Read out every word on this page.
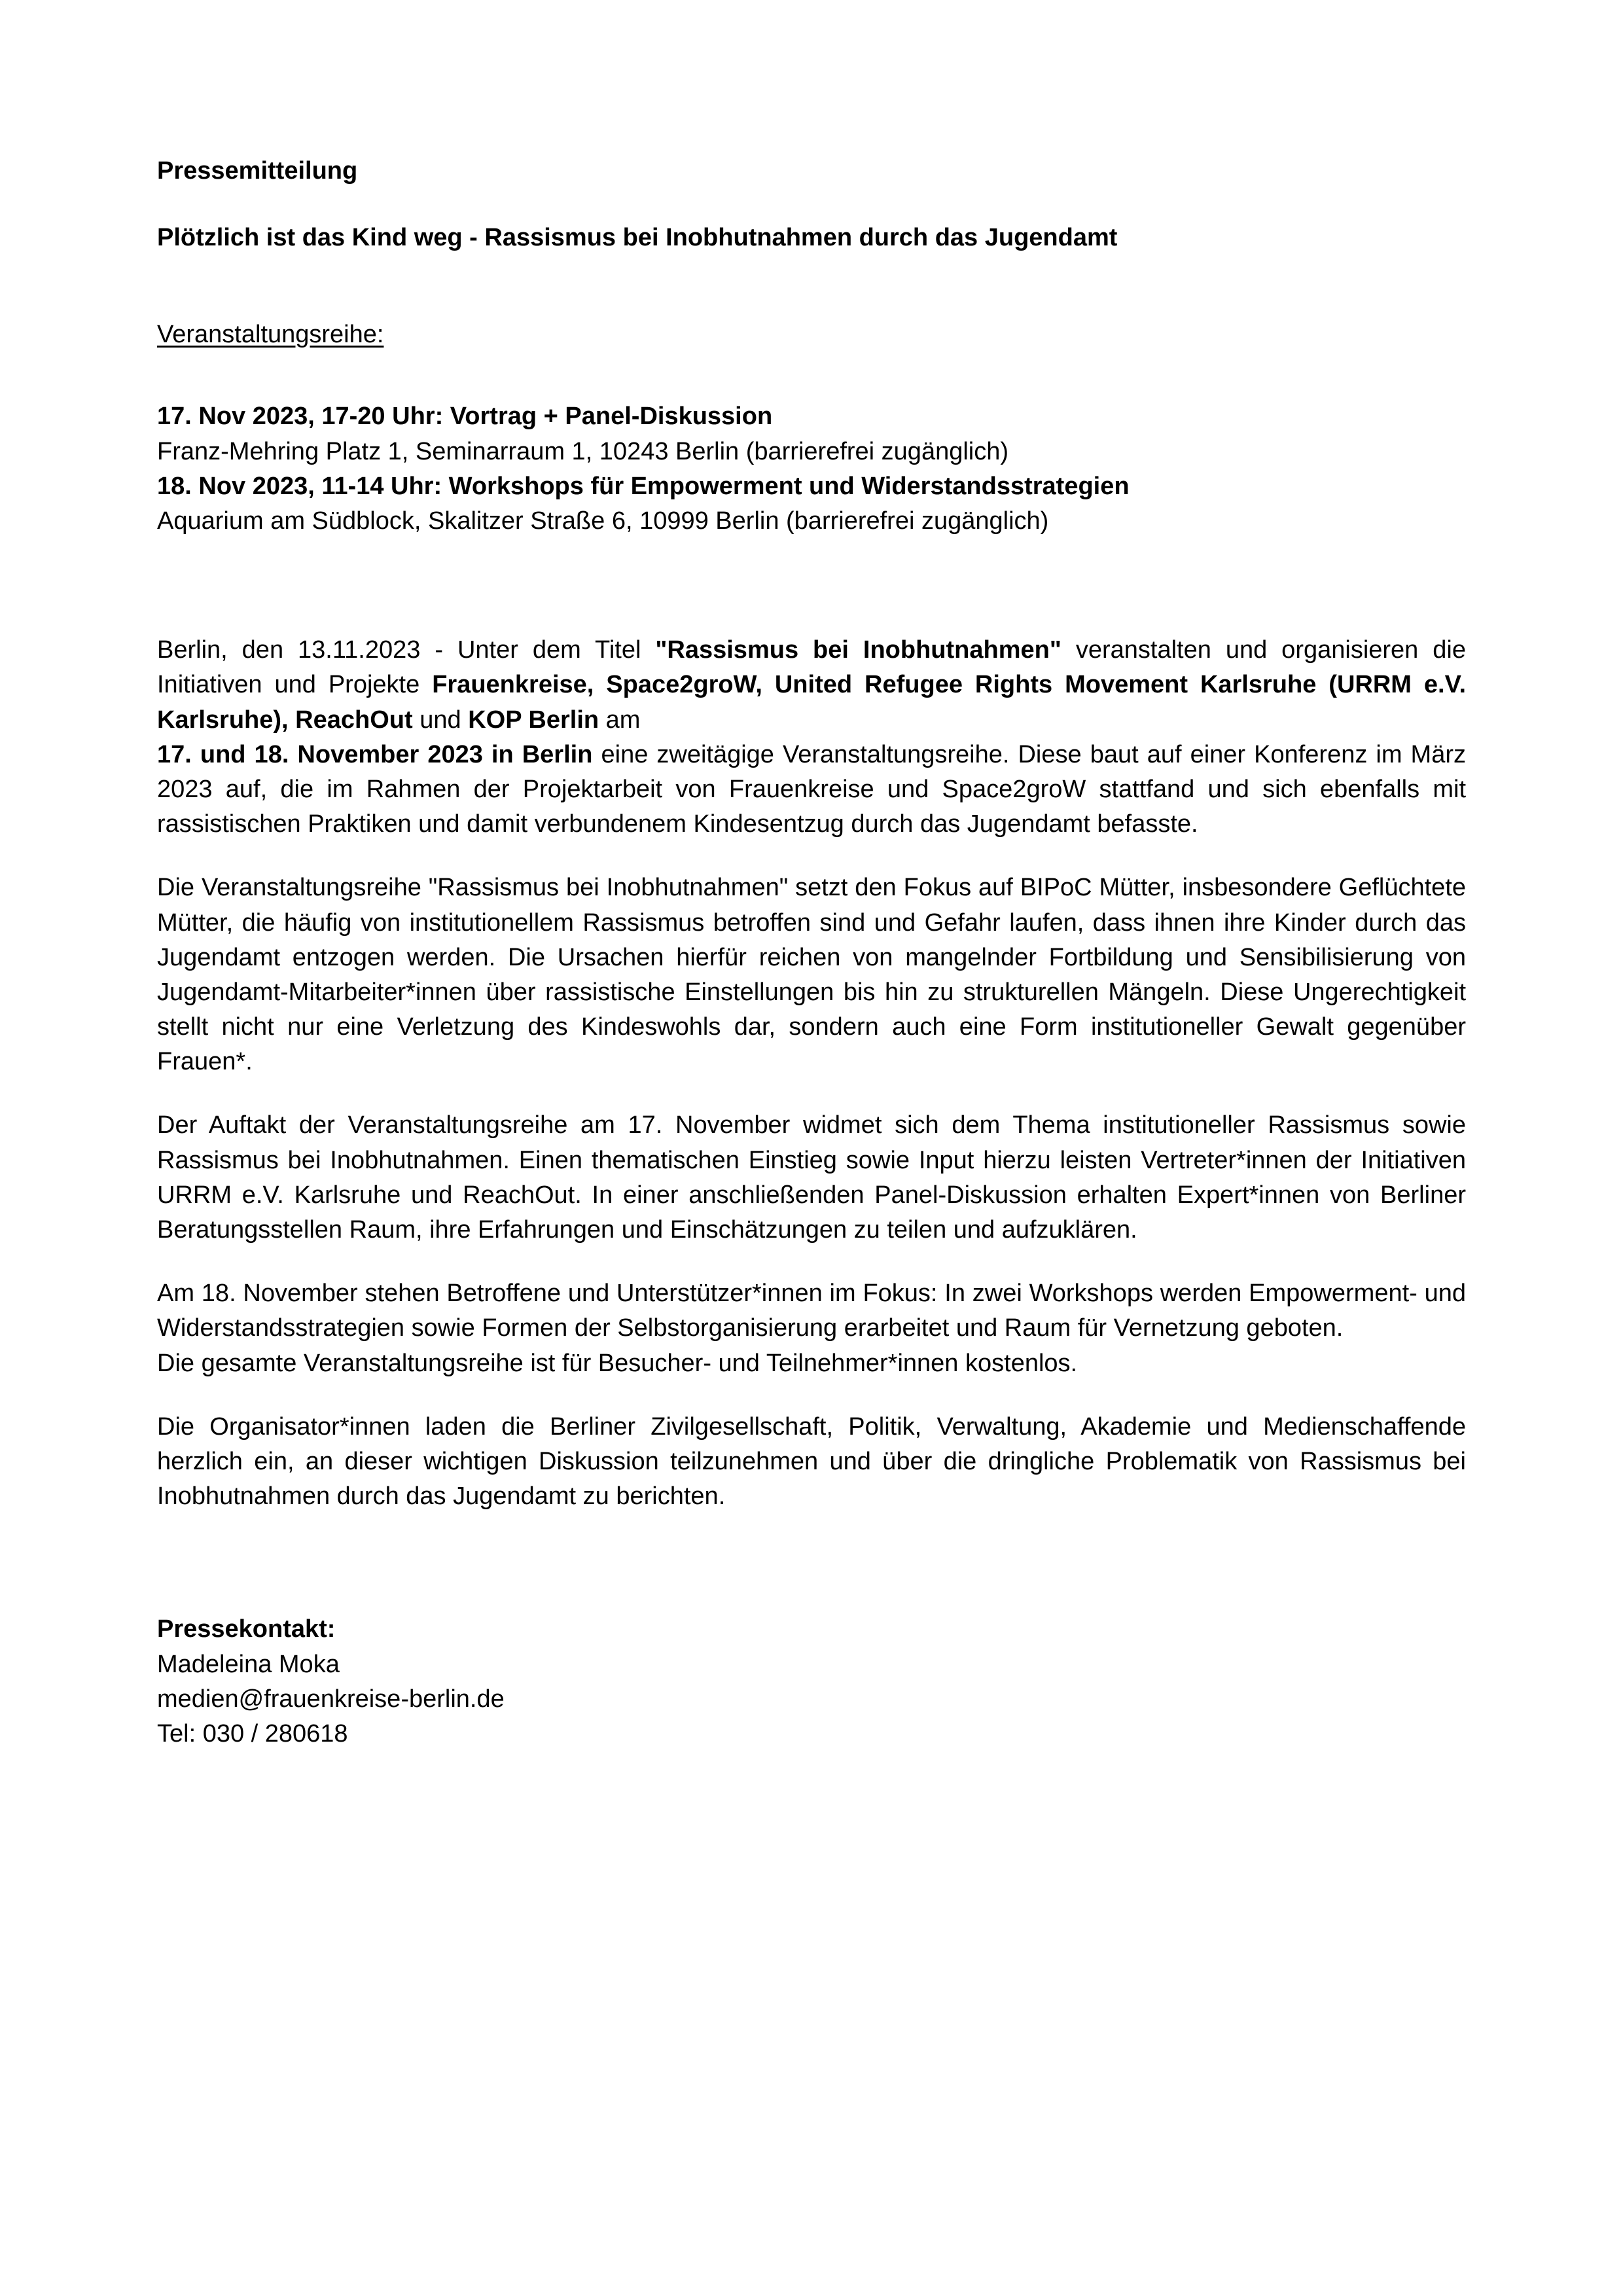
Pressemitteilung
Plötzlich ist das Kind weg - Rassismus bei Inobhutnahmen durch das Jugendamt
Veranstaltungsreihe:
17. Nov 2023, 17-20 Uhr: Vortrag + Panel-Diskussion
Franz-Mehring Platz 1, Seminarraum 1, 10243 Berlin (barrierefrei zugänglich)
18. Nov 2023, 11-14 Uhr: Workshops für Empowerment und Widerstandsstrategien
Aquarium am Südblock, Skalitzer Straße 6, 10999 Berlin (barrierefrei zugänglich)

Berlin, den 13.11.2023 - Unter dem Titel "Rassismus bei Inobhutnahmen" veranstalten und organisieren die Initiativen und Projekte Frauenkreise, Space2groW, United Refugee Rights Movement Karlsruhe (URRM e.V. Karlsruhe), ReachOut und KOP Berlin am
17. und 18. November 2023 in Berlin eine zweitägige Veranstaltungsreihe. Diese baut auf einer Konferenz im März 2023 auf, die im Rahmen der Projektarbeit von Frauenkreise und Space2groW stattfand und sich ebenfalls mit rassistischen Praktiken und damit verbundenem Kindesentzug durch das Jugendamt befasste.

Die Veranstaltungsreihe "Rassismus bei Inobhutnahmen" setzt den Fokus auf BIPoC Mütter, insbesondere Geflüchtete Mütter, die häufig von institutionellem Rassismus betroffen sind und Gefahr laufen, dass ihnen ihre Kinder durch das Jugendamt entzogen werden. Die Ursachen hierfür reichen von mangelnder Fortbildung und Sensibilisierung von Jugendamt-Mitarbeiter*innen über rassistische Einstellungen bis hin zu strukturellen Mängeln. Diese Ungerechtigkeit stellt nicht nur eine Verletzung des Kindeswohls dar, sondern auch eine Form institutioneller Gewalt gegenüber Frauen*.

Der Auftakt der Veranstaltungsreihe am 17. November widmet sich dem Thema institutioneller Rassismus sowie Rassismus bei Inobhutnahmen. Einen thematischen Einstieg sowie Input hierzu leisten Vertreter*innen der Initiativen URRM e.V. Karlsruhe und ReachOut. In einer anschließenden Panel-Diskussion erhalten Expert*innen von Berliner Beratungsstellen Raum, ihre Erfahrungen und Einschätzungen zu teilen und aufzuklären.

Am 18. November stehen Betroffene und Unterstützer*innen im Fokus: In zwei Workshops werden Empowerment- und Widerstandsstrategien sowie Formen der Selbstorganisierung erarbeitet und Raum für Vernetzung geboten.

Die gesamte Veranstaltungsreihe ist für Besucher- und Teilnehmer*innen kostenlos.

Die Organisator*innen laden die Berliner Zivilgesellschaft, Politik, Verwaltung, Akademie und Medienschaffende herzlich ein, an dieser wichtigen Diskussion teilzunehmen und über die dringliche Problematik von Rassismus bei Inobhutnahmen durch das Jugendamt zu berichten.

Pressekontakt:
Madeleina Moka
medien@frauenkreise-berlin.de
Tel: 030 / 280618
